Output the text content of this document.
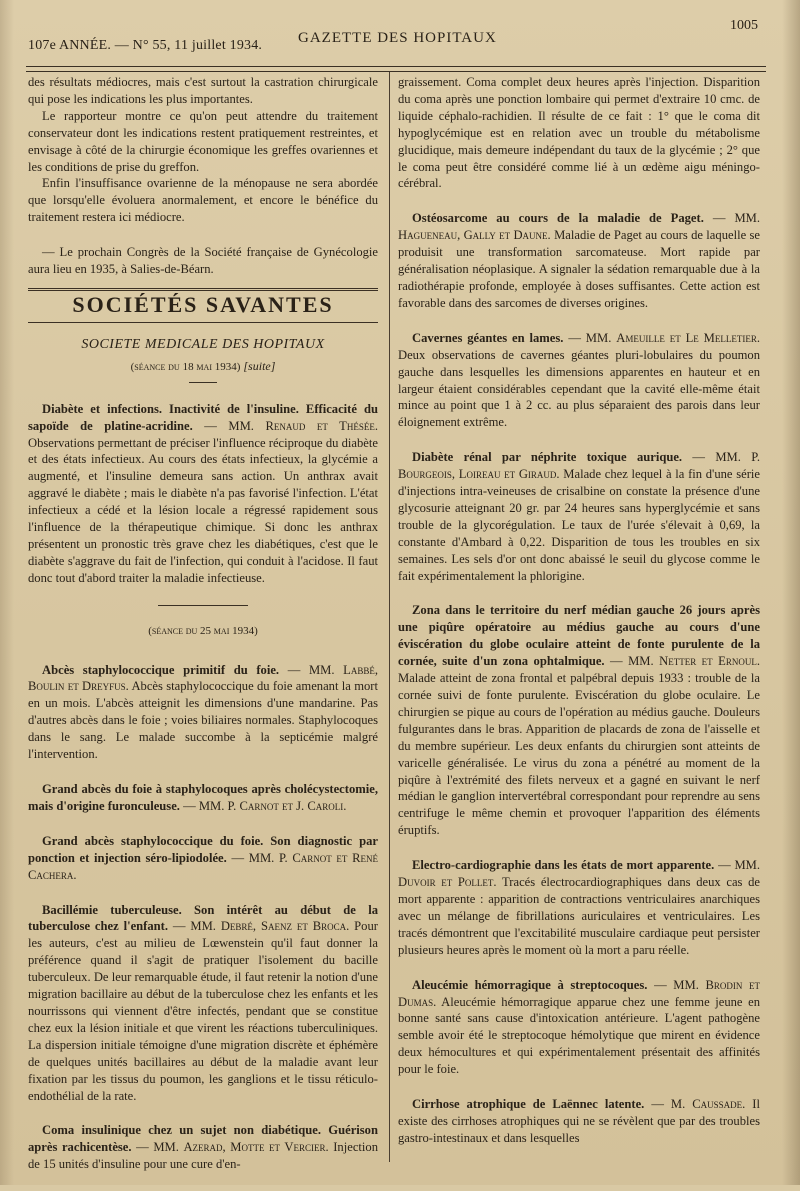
107e ANNÉE. — N° 55, 11 juillet 1934. GAZETTE DES HOPITAUX
1005

des résultats médiocres, mais c'est surtout la castration chirurgicale qui pose les indications les plus importantes.

Le rapporteur montre ce qu'on peut attendre du traitement conservateur dont les indications restent pratiquement restreintes, et envisage à côté de la chirurgie économique les greffes ovariennes et les conditions de prise du greffon.

Enfin l'insuffisance ovarienne de la ménopause ne sera abordée que lorsqu'elle évoluera anormalement, et encore le bénéfice du traitement restera ici médiocre.

— Le prochain Congrès de la Société française de Gynécologie aura lieu en 1935, à Salies-de-Béarn.

SOCIÉTÉS SAVANTES
SOCIETE MEDICALE DES HOPITAUX
(séance du 18 mai 1934) [suite]

Diabète et infections. Inactivité de l'insuline. Efficacité du sapoïde de platine-acridine. — MM. Renaud et Thésée. Observations permettant de préciser l'influence réciproque du diabète et des états infectieux. Au cours des états infectieux, la glycémie a augmenté, et l'insuline demeura sans action. Un anthrax avait aggravé le diabète ; mais le diabète n'a pas favorisé l'infection. L'état infectieux a cédé et la lésion locale a régressé rapidement sous l'influence de la thérapeutique chimique. Si donc les anthrax présentent un pronostic très grave chez les diabétiques, c'est que le diabète s'aggrave du fait de l'infection, qui conduit à l'acidose. Il faut donc tout d'abord traiter la maladie infectieuse.

(séance du 25 mai 1934)

Abcès staphylococcique primitif du foie. — MM. Labbé, Boulin et Dreyfus. Abcès staphylococcique du foie amenant la mort en un mois. L'abcès atteignit les dimensions d'une mandarine. Pas d'autres abcès dans le foie ; voies biliaires normales. Staphylocoques dans le sang. Le malade succombe à la septicémie malgré l'intervention.

Grand abcès du foie à staphylocoques après cholécystectomie, mais d'origine furonculeuse. — MM. P. Carnot et J. Caroli.

Grand abcès staphylococcique du foie. Son diagnostic par ponction et injection séro-lipiodolée. — MM. P. Carnot et René Cachera.

Bacillémie tuberculeuse. Son intérêt au début de la tuberculose chez l'enfant. — MM. Debré, Saenz et Broca. Pour les auteurs, c'est au milieu de Lœwenstein qu'il faut donner la préférence quand il s'agit de pratiquer l'isolement du bacille tuberculeux. De leur remarquable étude, il faut retenir la notion d'une migration bacillaire au début de la tuberculose chez les enfants et les nourrissons qui viennent d'être infectés, pendant que se constitue chez eux la lésion initiale et que virent les réactions tuberculiniques. La dispersion initiale témoigne d'une migration discrète et éphémère de quelques unités bacillaires au début de la maladie avant leur fixation par les tissus du poumon, les ganglions et le tissu réticulo-endothélial de la rate.

Coma insulinique chez un sujet non diabétique. Guérison après rachicentèse. — MM. Azerad, Motte et Vercier. Injection de 15 unités d'insuline pour une cure d'en-

graissement. Coma complet deux heures après l'injection. Disparition du coma après une ponction lombaire qui permet d'extraire 10 cmc. de liquide céphalo-rachidien. Il résulte de ce fait : 1° que le coma dit hypoglycémique est en relation avec un trouble du métabolisme glucidique, mais demeure indépendant du taux de la glycémie ; 2° que le coma peut être considéré comme lié à un œdème aigu méningo-cérébral.

Ostéosarcome au cours de la maladie de Paget. — MM. Hagueneau, Gally et Daune. Maladie de Paget au cours de laquelle se produisit une transformation sarcomateuse. Mort rapide par généralisation néoplasique. A signaler la sédation remarquable due à la radiothérapie profonde, employée à doses suffisantes. Cette action est favorable dans des sarcomes de diverses origines.

Cavernes géantes en lames. — MM. Ameuille et Le Melletier. Deux observations de cavernes géantes pluri-lobulaires du poumon gauche dans lesquelles les dimensions apparentes en hauteur et en largeur étaient considérables cependant que la cavité elle-même était mince au point que 1 à 2 cc. au plus séparaient des parois dans leur éloignement extrême.

Diabète rénal par néphrite toxique aurique. — MM. P. Bourgeois, Loireau et Giraud. Malade chez lequel à la fin d'une série d'injections intra-veineuses de crisalbine on constate la présence d'une glycosurie atteignant 20 gr. par 24 heures sans hyperglycémie et sans trouble de la glycorégulation. Le taux de l'urée s'élevait à 0,69, la constante d'Ambard à 0,22. Disparition de tous les troubles en six semaines. Les sels d'or ont donc abaissé le seuil du glycose comme le fait expérimentalement la phlorigine.

Zona dans le territoire du nerf médian gauche 26 jours après une piqûre opératoire au médius gauche au cours d'une éviscération du globe oculaire atteint de fonte purulente de la cornée, suite d'un zona ophtalmique. — MM. Netter et Ernoul. Malade atteint de zona frontal et palpébral depuis 1933 : trouble de la cornée suivi de fonte purulente. Eviscération du globe oculaire. Le chirurgien se pique au cours de l'opération au médius gauche. Douleurs fulgurantes dans le bras. Apparition de placards de zona de l'aisselle et du membre supérieur. Les deux enfants du chirurgien sont atteints de varicelle généralisée. Le virus du zona a pénétré au moment de la piqûre à l'extrémité des filets nerveux et a gagné en suivant le nerf médian le ganglion intervertébral correspondant pour reprendre au sens centrifuge le même chemin et provoquer l'apparition des éléments éruptifs.

Electro-cardiographie dans les états de mort apparente. — MM. Duvoir et Pollet. Tracés électrocardiographiques dans deux cas de mort apparente : apparition de contractions ventriculaires anarchiques avec un mélange de fibrillations auriculaires et ventriculaires. Les tracés démontrent que l'excitabilité musculaire cardiaque peut persister plusieurs heures après le moment où la mort a paru réelle.

Aleucémie hémorragique à streptocoques. — MM. Brodin et Dumas. Aleucémie hémorragique apparue chez une femme jeune en bonne santé sans cause d'intoxication antérieure. L'agent pathogène semble avoir été le streptocoque hémolytique que mirent en évidence deux hémocultures et qui expérimentalement présentait des affinités pour le foie.

Cirrhose atrophique de Laënnec latente. — M. Caussade. Il existe des cirrhoses atrophiques qui ne se révèlent que par des troubles gastro-intestinaux et dans lesquelles
